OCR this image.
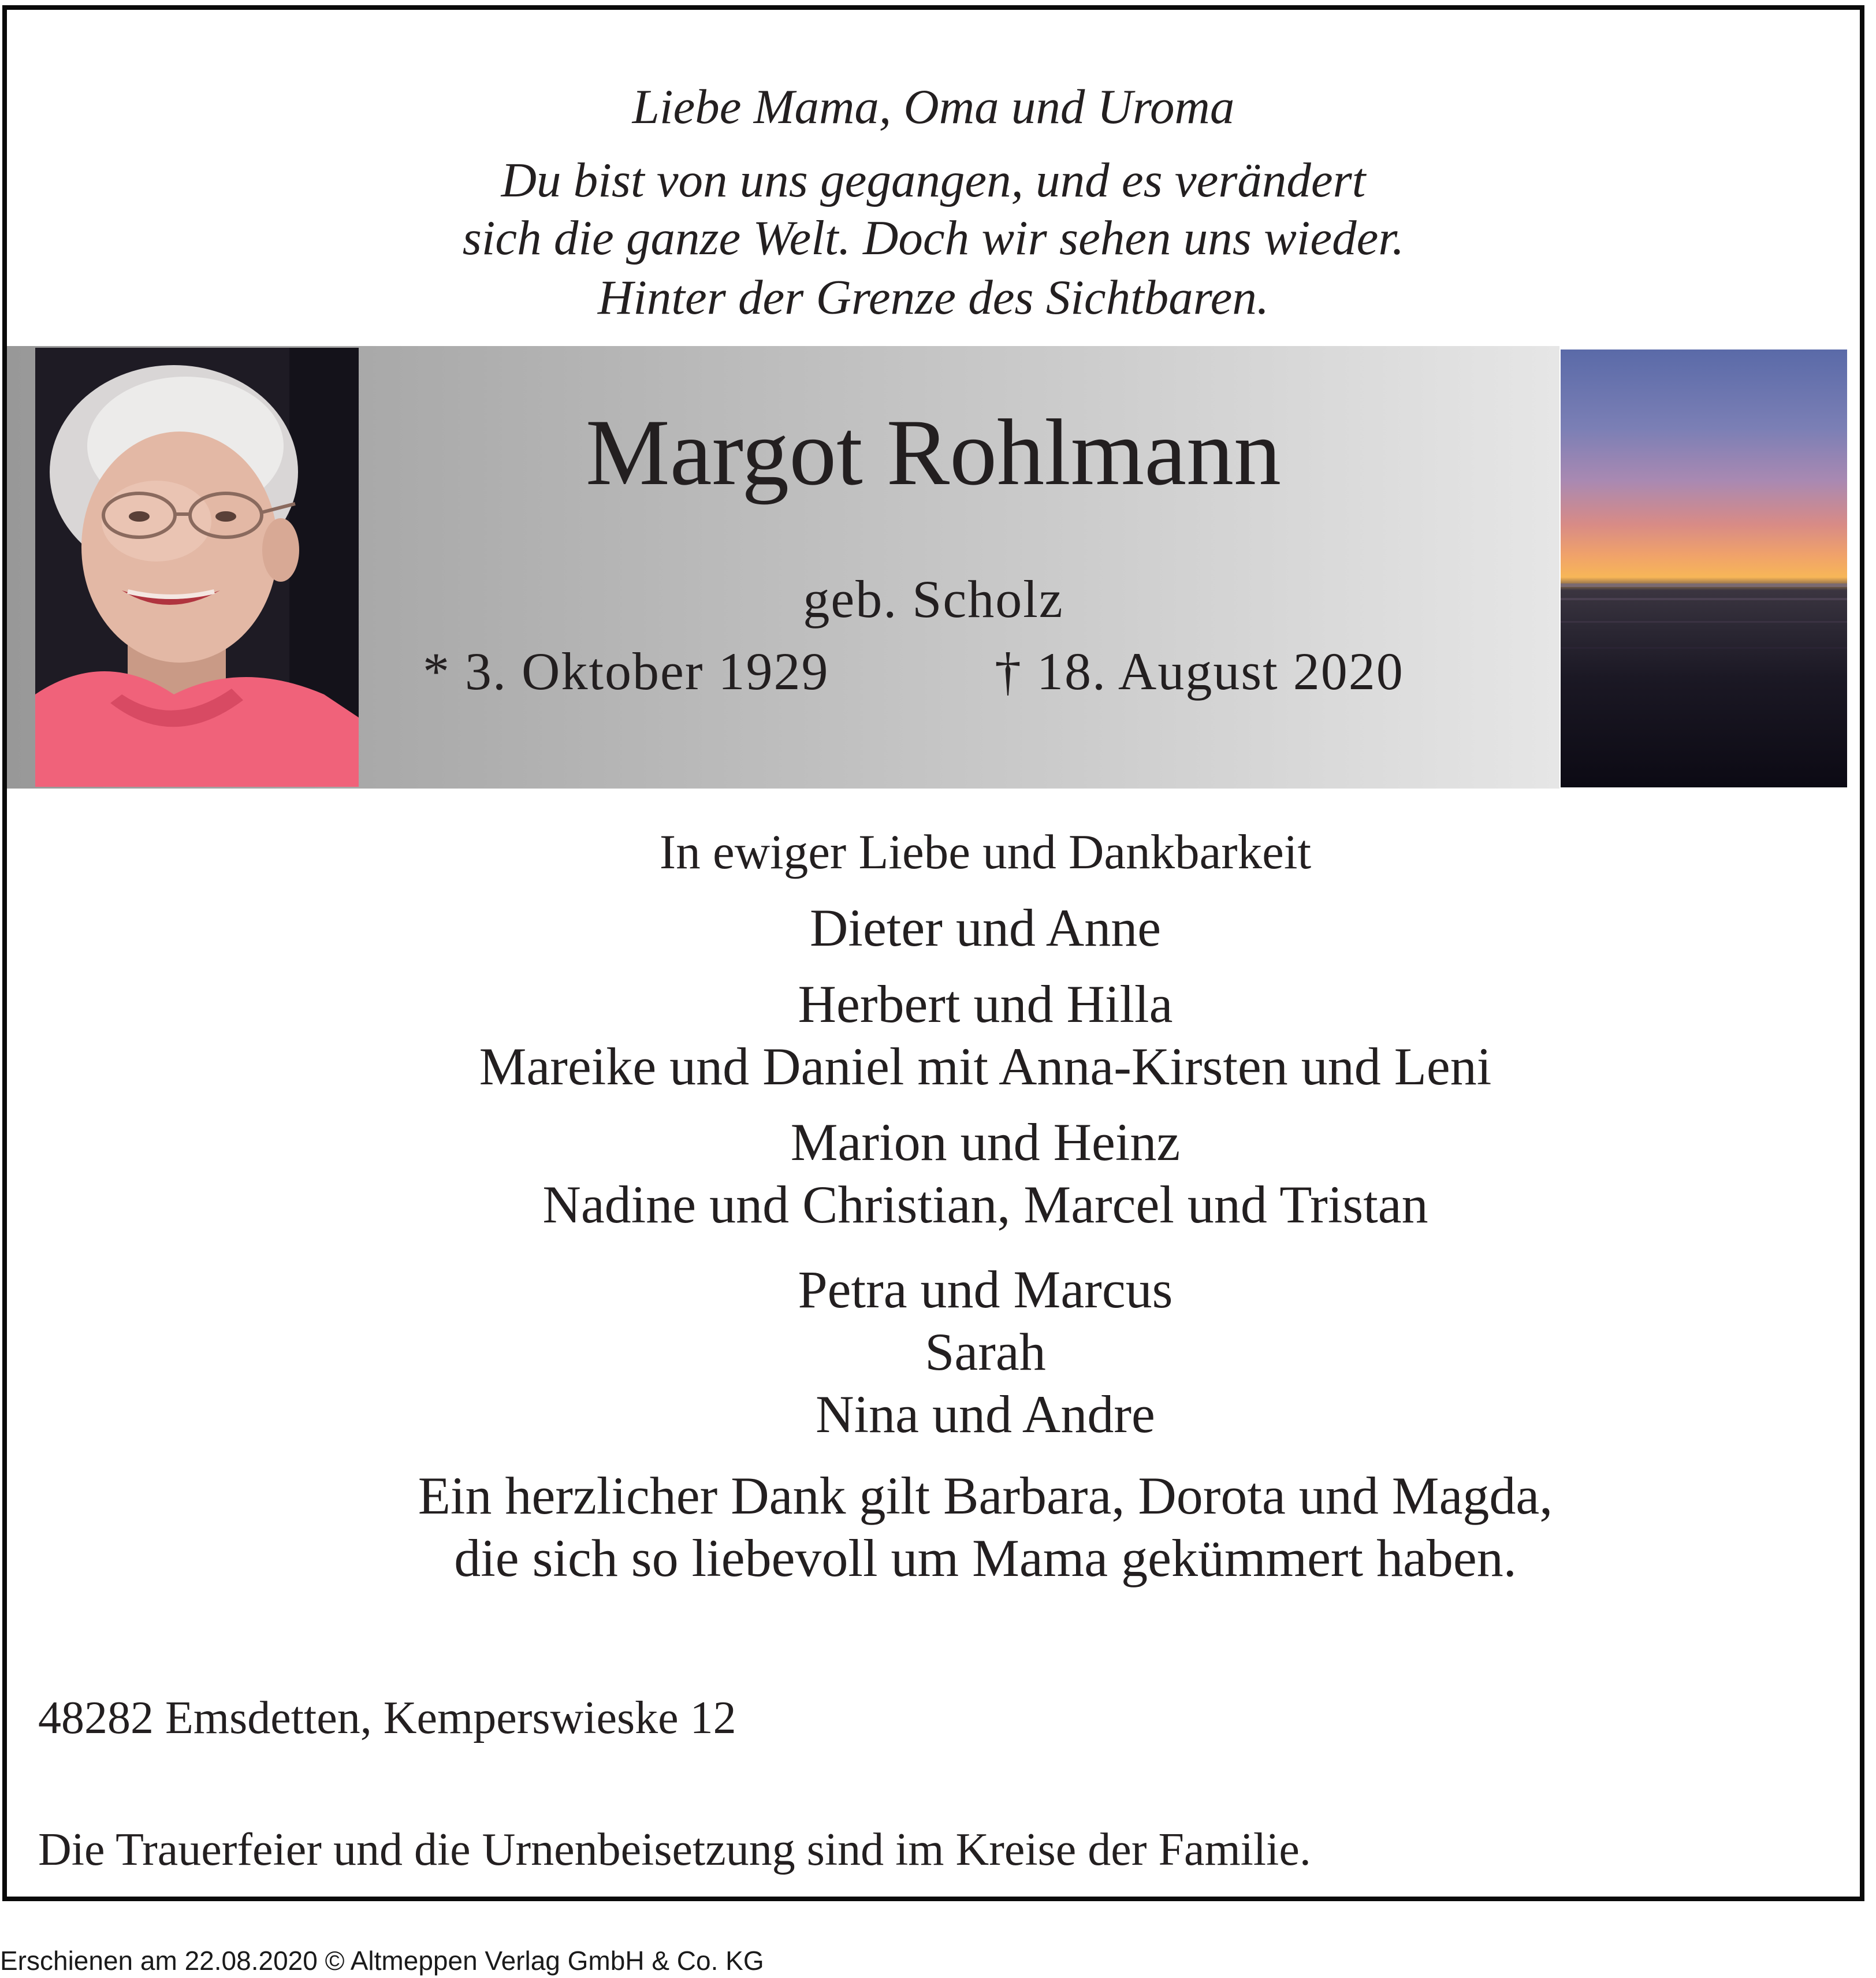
Liebe Mama, Oma und Uroma
Du bist von uns gegangen, und es verändert
sich die ganze Welt. Doch wir sehen uns wieder.
Hinter der Grenze des Sichtbaren.
Margot Rohlmann
geb. Scholz
* 3. Oktober 1929	† 18. August 2020
In ewiger Liebe und Dankbarkeit
Dieter und Anne
Herbert und Hilla
Mareike und Daniel mit Anna-Kirsten und Leni
Marion und Heinz
Nadine und Christian, Marcel und Tristan
Petra und Marcus
Sarah
Nina und Andre
Ein herzlicher Dank gilt Barbara, Dorota und Magda,
die sich so liebevoll um Mama gekümmert haben.
48282 Emsdetten, Kemperswieske 12
Die Trauerfeier und die Urnenbeisetzung sind im Kreise der Familie.
Erschienen am 22.08.2020 © Altmeppen Verlag GmbH & Co. KG
